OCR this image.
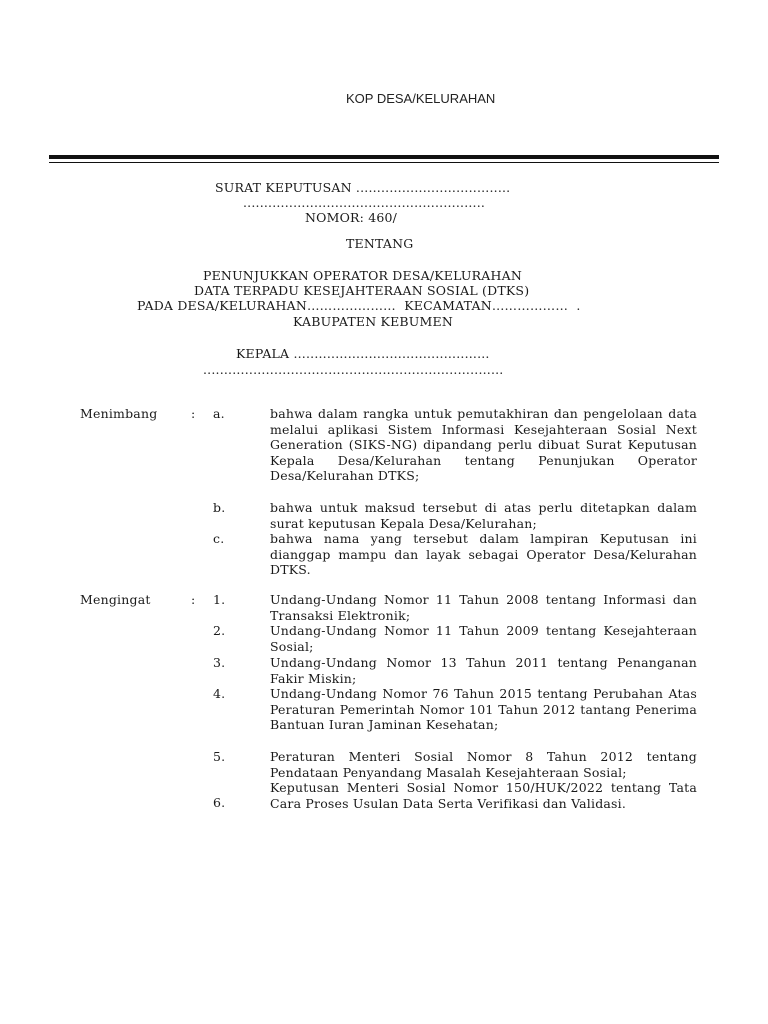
KOP DESA/KELURAHAN
SURAT KEPUTUSAN .....................................
..........................................................
NOMOR: 460/
TENTANG
PENUNJUKKAN OPERATOR DESA/KELURAHAN
DATA TERPADU KESEJAHTERAAN SOSIAL (DTKS)
PADA DESA/KELURAHAN…………………  KECAMATAN………………  .
KABUPATEN KEBUMEN
KEPALA ...............................................
........................................................................
Menimbang	: a.	bahwa dalam rangka untuk pemutakhiran dan pengelolaan data melalui aplikasi Sistem Informasi Kesejahteraan Sosial Next Generation (SIKS-NG) dipandang perlu dibuat Surat Keputusan Kepala Desa/Kelurahan tentang Penunjukan Operator Desa/Kelurahan DTKS;
b.	bahwa untuk maksud tersebut di atas perlu ditetapkan dalam surat keputusan Kepala Desa/Kelurahan;
c.	bahwa nama yang tersebut dalam lampiran Keputusan ini dianggap mampu dan layak sebagai Operator Desa/Kelurahan DTKS.
Mengingat	: 1.	Undang-Undang Nomor 11 Tahun 2008 tentang Informasi dan Transaksi Elektronik;
2.	Undang-Undang Nomor 11 Tahun 2009 tentang Kesejahteraan Sosial;
3.	Undang-Undang Nomor 13 Tahun 2011 tentang Penanganan Fakir Miskin;
4.	Undang-Undang Nomor 76 Tahun 2015 tentang Perubahan Atas Peraturan Pemerintah Nomor 101 Tahun 2012 tantang Penerima Bantuan Iuran Jaminan Kesehatan;
5.	Peraturan Menteri Sosial Nomor 8 Tahun 2012 tentang Pendataan Penyandang Masalah Kesejahteraan Sosial;
6.
Keputusan Menteri Sosial Nomor 150/HUK/2022 tentang Tata Cara Proses Usulan Data Serta Verifikasi dan Validasi.
